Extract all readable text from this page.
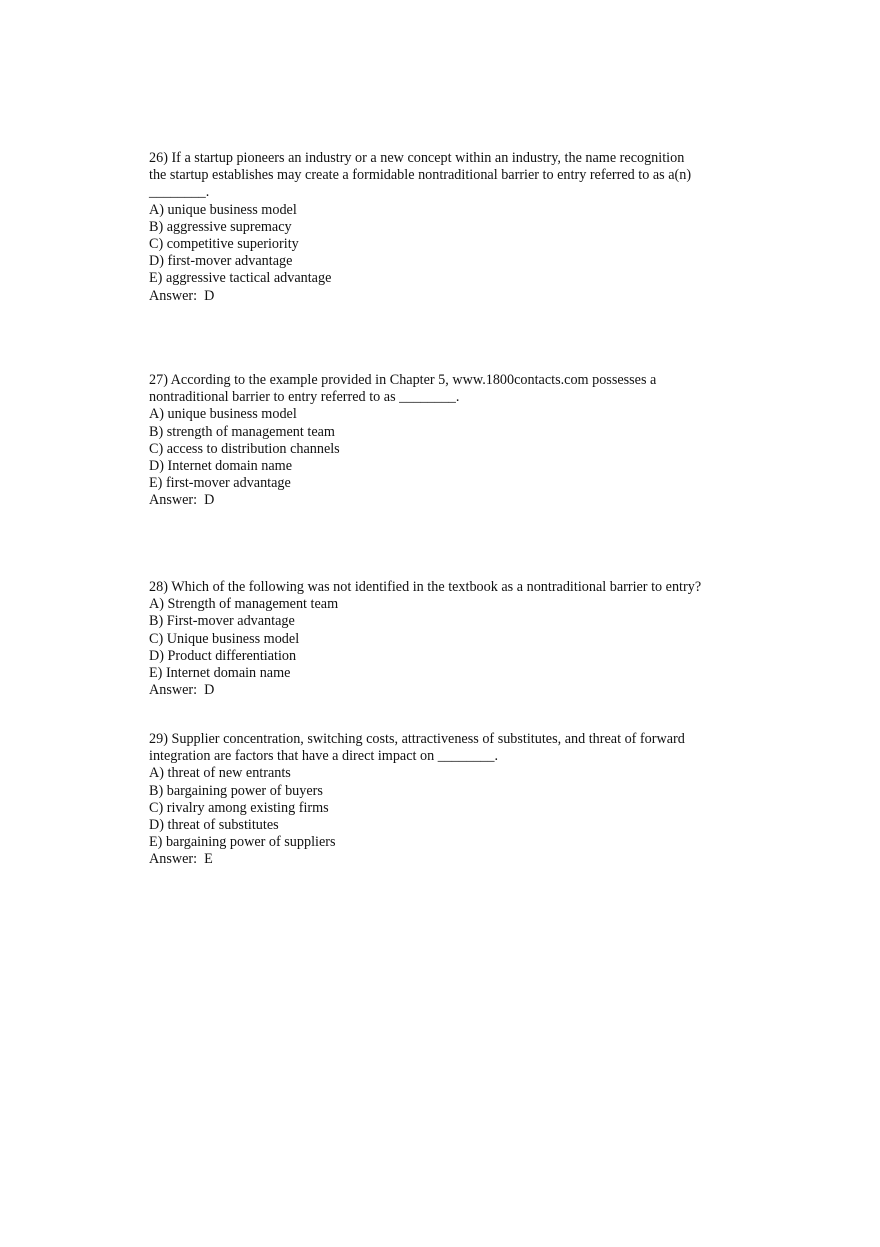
26) If a startup pioneers an industry or a new concept within an industry, the name recognition
the startup establishes may create a formidable nontraditional barrier to entry referred to as a(n)
________.
A) unique business model
B) aggressive supremacy
C) competitive superiority
D) first-mover advantage
E) aggressive tactical advantage
Answer:  D
27) According to the example provided in Chapter 5, www.1800contacts.com possesses a
nontraditional barrier to entry referred to as ________.
A) unique business model
B) strength of management team
C) access to distribution channels
D) Internet domain name
E) first-mover advantage
Answer:  D
28) Which of the following was not identified in the textbook as a nontraditional barrier to entry?
A) Strength of management team
B) First-mover advantage
C) Unique business model
D) Product differentiation
E) Internet domain name
Answer:  D
29) Supplier concentration, switching costs, attractiveness of substitutes, and threat of forward
integration are factors that have a direct impact on ________.
A) threat of new entrants
B) bargaining power of buyers
C) rivalry among existing firms
D) threat of substitutes
E) bargaining power of suppliers
Answer:  E
